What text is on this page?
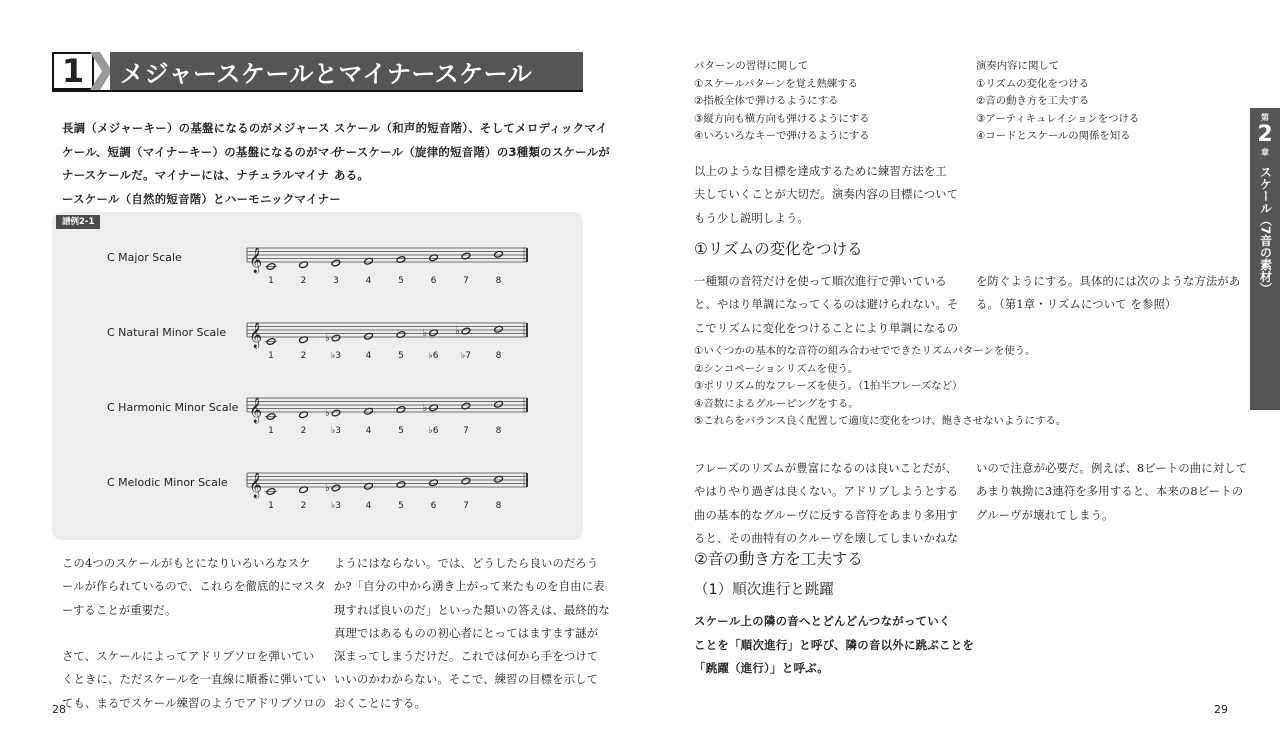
1	メジャースケールとマイナースケール
長調（メジャーキー）の基盤になるのがメジャース
ケール、短調（マイナーキー）の基盤になるのがマイ
ナースケールだ。マイナーには、ナチュラルマイナ
ースケール（自然的短音階）とハーモニックマイナー
スケール（和声的短音階）、そしてメロディックマイ
ナースケール（旋律的短音階）の3種類のスケールが
ある。
譜例2-1
C Major Scale	𝄞
1	2	3	4	5	6	7	8
C Natural Minor Scale 𝄞
1	2
♭
♭3	4	5
♭
♭6
♭
♭7	8
C Harmonic Minor Scale 𝄞
1	2
♭
♭3	4	5
♭
♭6	7	8
C Melodic Minor Scale 𝄞
1	2
♭
♭3	4	5	6	7	8
この4つのスケールがもとになりいろいろなスケ
ールが作られているので、これらを徹底的にマスタ
ーすることが重要だ。

さて、スケールによってアドリブソロを弾いてい
くときに、ただスケールを一直線に順番に弾いてい
ても、まるでスケール練習のようでアドリブソロの
ようにはならない。では、どうしたら良いのだろう
か?「自分の中から湧き上がって来たものを自由に表
現すれば良いのだ」といった類いの答えは、最終的な
真理ではあるものの初心者にとってはますます謎が
深まってしまうだけだ。これでは何から手をつけて
いいのかわからない。そこで、練習の目標を示して
おくことにする。
28
パターンの習得に関して
①スケールパターンを覚え熟練する
②指板全体で弾けるようにする
③縦方向も横方向も弾けるようにする
④いろいろなキーで弾けるようにする
演奏内容に関して
①リズムの変化をつける
②音の動き方を工夫する
③アーティキュレイションをつける
④コードとスケールの関係を知る
以上のような目標を達成するために練習方法を工
夫していくことが大切だ。演奏内容の目標について
もう少し説明しよう。
①リズムの変化をつける
一種類の音符だけを使って順次進行で弾いている
と、やはり単調になってくるのは避けられない。そ
こでリズムに変化をつけることにより単調になるの
を防ぐようにする。具体的には次のような方法があ
る。（第1章・リズムについて を参照）
①いくつかの基本的な音符の組み合わせでできたリズムパターンを使う。
②シンコペーションリズムを使う。
③ポリリズム的なフレーズを使う。（1拍半フレーズなど）
④音数によるグルーピングをする。
⑤これらをバランス良く配置して適度に変化をつけ、飽きさせないようにする。
フレーズのリズムが豊富になるのは良いことだが、
やはりやり過ぎは良くない。アドリブしようとする
曲の基本的なグルーヴに反する音符をあまり多用す
ると、その曲特有のクルーヴを壊してしまいかねな
いので注意が必要だ。例えば、8ビートの曲に対して
あまり執拗に3連符を多用すると、本来の8ビートの
グルーヴが壊れてしまう。
②音の動き方を工夫する
（1）順次進行と跳躍
スケール上の隣の音へとどんどんつながっていく
ことを「順次進行」と呼び、隣の音以外に跳ぶことを
「跳躍（進行）」と呼ぶ。
29
第
2
章
スケール（7音の素材）
